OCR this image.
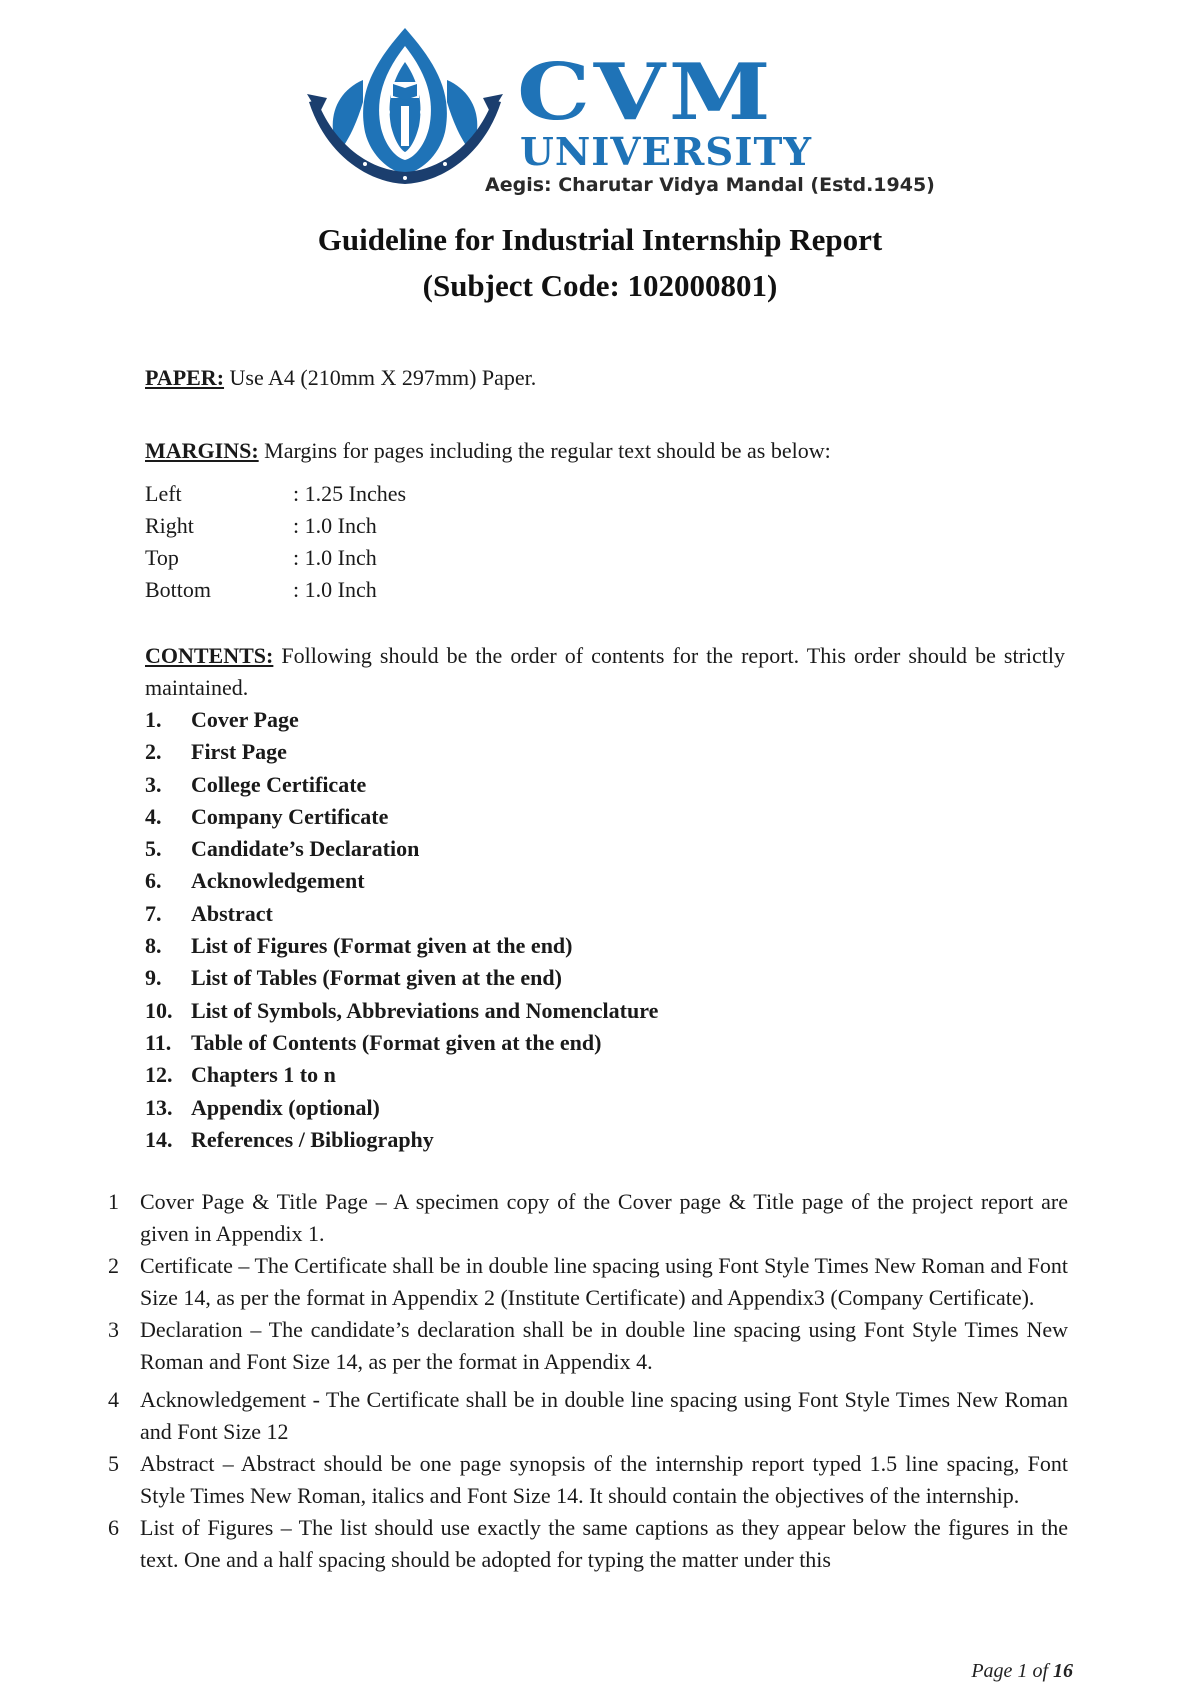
CVM
UNIVERSITY
Aegis: Charutar Vidya Mandal (Estd.1945)
Guideline for Industrial Internship Report
(Subject Code: 102000801)
PAPER: Use A4 (210mm X 297mm) Paper.
MARGINS: Margins for pages including the regular text should be as below:
Left	: 1.25 Inches
Right	: 1.0 Inch
Top	: 1.0 Inch
Bottom	: 1.0 Inch
CONTENTS: Following should be the order of contents for the report. This order should be strictly maintained.
1. Cover Page
2. First Page
3. College Certificate
4. Company Certificate
5. Candidate’s Declaration
6. Acknowledgement
7. Abstract
8. List of Figures (Format given at the end)
9. List of Tables (Format given at the end)
10. List of Symbols, Abbreviations and Nomenclature
11. Table of Contents (Format given at the end)
12. Chapters 1 to n
13. Appendix (optional)
14. References / Bibliography
1 Cover Page & Title Page – A specimen copy of the Cover page & Title page of the project report are given in Appendix 1.
2 Certificate – The Certificate shall be in double line spacing using Font Style Times New Roman and Font Size 14, as per the format in Appendix 2 (Institute Certificate) and Appendix3 (Company Certificate).
3 Declaration – The candidate’s declaration shall be in double line spacing using Font Style Times New Roman and Font Size 14, as per the format in Appendix 4.
4 Acknowledgement - The Certificate shall be in double line spacing using Font Style Times New Roman and Font Size 12
5 Abstract – Abstract should be one page synopsis of the internship report typed 1.5 line spacing, Font Style Times New Roman, italics and Font Size 14. It should contain the objectives of the internship.
6 List of Figures – The list should use exactly the same captions as they appear below the figures in the text. One and a half spacing should be adopted for typing the matter under this
Page 1 of 16
